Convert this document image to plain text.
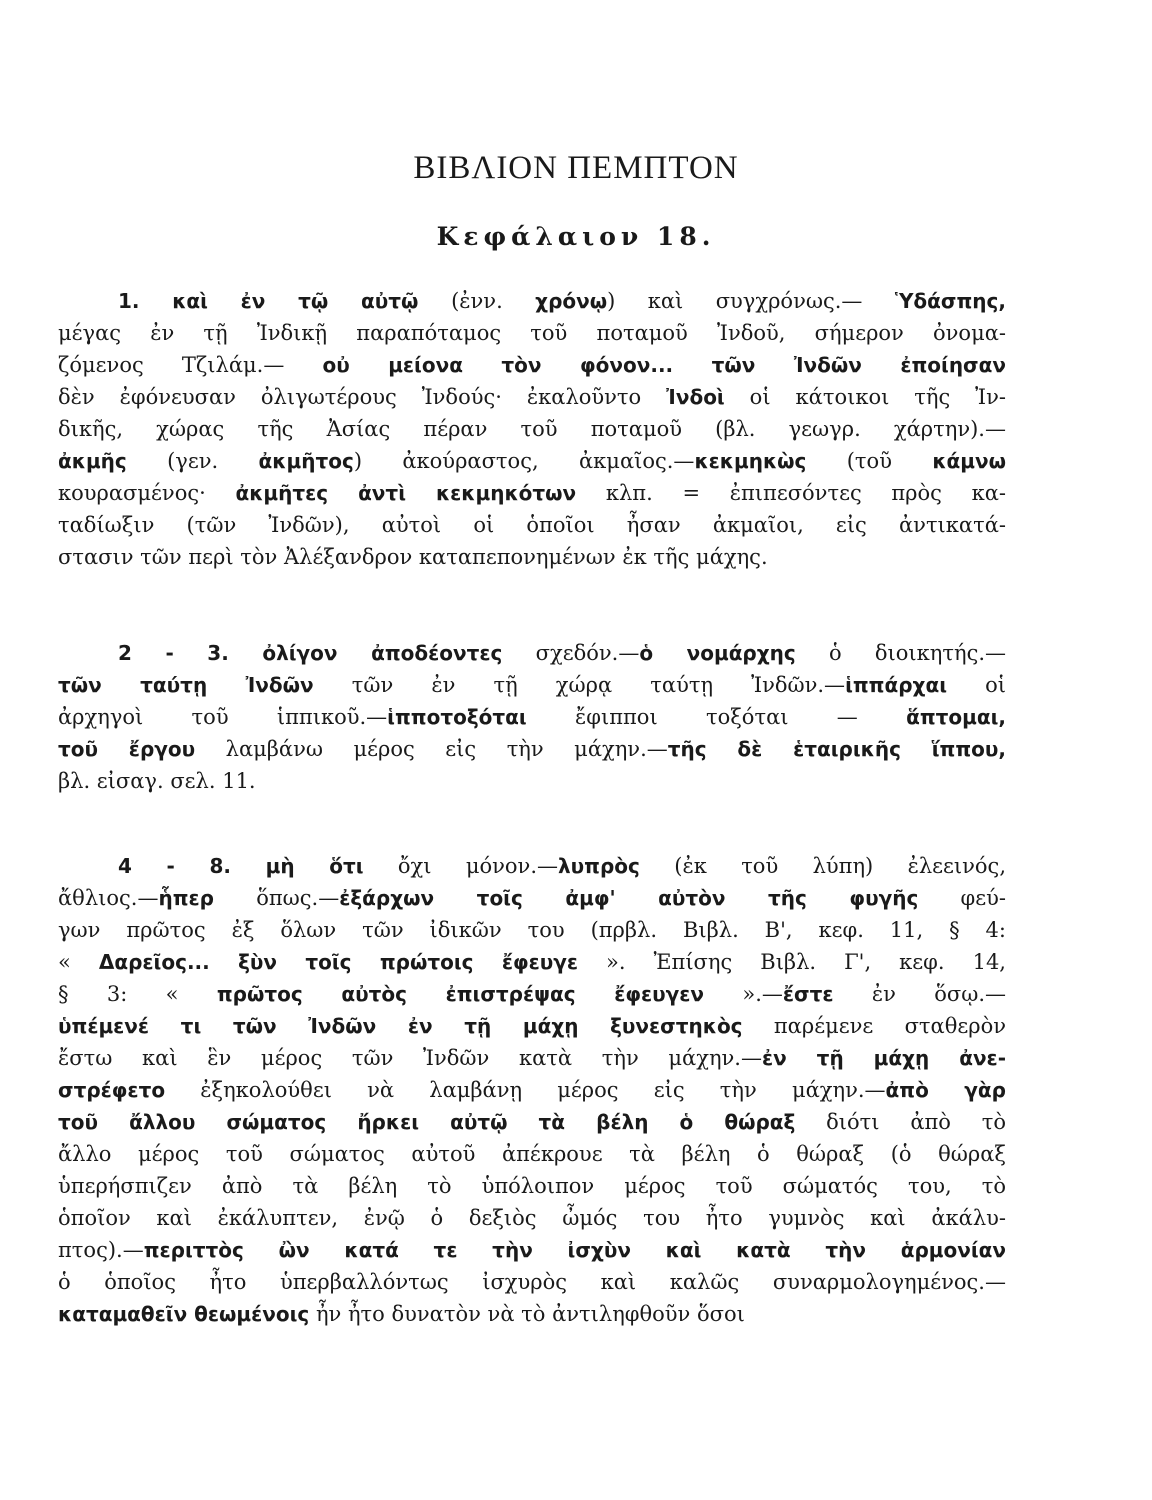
ΒΙΒΛΙΟΝ ΠΕΜΠΤΟΝ
Κεφάλαιον 18.
1. καὶ ἐν τῷ αὐτῷ (ἐνν. χρόνῳ) καὶ συγχρόνως.— Ὑδάσπης,
μέγας ἐν τῇ Ἰνδικῇ παραπόταμος τοῦ ποταμοῦ Ἰνδοῦ, σήμερον ὀνομα-
ζόμενος Τζιλάμ.— οὐ μείονα τὸν φόνον... τῶν Ἰνδῶν ἐποίησαν
δὲν ἐφόνευσαν ὀλιγωτέρους Ἰνδούς· ἐκαλοῦντο Ἰνδοὶ οἱ κάτοικοι τῆς Ἰν-
δικῆς, χώρας τῆς Ἀσίας πέραν τοῦ ποταμοῦ (βλ. γεωγρ. χάρτην).—
ἀκμῆς (γεν. ἀκμῆτος) ἀκούραστος, ἀκμαῖος.—κεκμηκὼς (τοῦ κάμνω
κουρασμένος· ἀκμῆτες ἀντὶ κεκμηκότων κλπ. = ἐπιπεσόντες πρὸς κα-
ταδίωξιν (τῶν Ἰνδῶν), αὐτοὶ οἱ ὁποῖοι ἦσαν ἀκμαῖοι, εἰς ἀντικατά-
στασιν τῶν περὶ τὸν Ἀλέξανδρον καταπεπονημένων ἐκ τῆς μάχης.
2 - 3. ὀλίγον ἀποδέοντες σχεδόν.—ὁ νομάρχης ὁ διοικητής.—
τῶν ταύτῃ Ἰνδῶν τῶν ἐν τῇ χώρᾳ ταύτῃ Ἰνδῶν.—ἱππάρχαι οἱ
ἀρχηγοὶ τοῦ ἱππικοῦ.—ἱπποτοξόται ἔφιπποι τοξόται — ἅπτομαι,
τοῦ ἔργου λαμβάνω μέρος εἰς τὴν μάχην.—τῆς δὲ ἑταιρικῆς ἵππου,
βλ. εἰσαγ. σελ. 11.
4 - 8. μὴ ὅτι ὄχι μόνον.—λυπρὸς (ἐκ τοῦ λύπη) ἐλεεινός,
ἄθλιος.—ἧπερ ὅπως.—ἐξάρχων τοῖς ἀμφ' αὐτὸν τῆς φυγῆς φεύ-
γων πρῶτος ἐξ ὅλων τῶν ἰδικῶν του (πρβλ. Βιβλ. Β', κεφ. 11, § 4:
« Δαρεῖος... ξὺν τοῖς πρώτοις ἔφευγε ». Ἐπίσης Βιβλ. Γ', κεφ. 14,
§ 3: « πρῶτος αὐτὸς ἐπιστρέψας ἔφευγεν ».—ἔστε ἐν ὅσῳ.—
ὑπέμενέ τι τῶν Ἰνδῶν ἐν τῇ μάχῃ ξυνεστηκὸς παρέμενε σταθερὸν
ἔστω καὶ ἓν μέρος τῶν Ἰνδῶν κατὰ τὴν μάχην.—ἐν τῇ μάχῃ ἀνε-
στρέφετο ἐξηκολούθει νὰ λαμβάνῃ μέρος εἰς τὴν μάχην.—ἀπὸ γὰρ
τοῦ ἄλλου σώματος ἤρκει αὐτῷ τὰ βέλη ὁ θώραξ διότι ἀπὸ τὸ
ἄλλο μέρος τοῦ σώματος αὐτοῦ ἀπέκρουε τὰ βέλη ὁ θώραξ (ὁ θώραξ
ὑπερήσπιζεν ἀπὸ τὰ βέλη τὸ ὑπόλοιπον μέρος τοῦ σώματός του, τὸ
ὁποῖον καὶ ἐκάλυπτεν, ἐνῷ ὁ δεξιὸς ὦμός του ἦτο γυμνὸς καὶ ἀκάλυ-
πτος).—περιττὸς ὢν κατά τε τὴν ἰσχὺν καὶ κατὰ τὴν ἁρμονίαν
ὁ ὁποῖος ἦτο ὑπερβαλλόντως ἰσχυρὸς καὶ καλῶς συναρμολογημένος.—
καταμαθεῖν θεωμένοις ἦν ἦτο δυνατὸν νὰ τὸ ἀντιληφθοῦν ὅσοι
